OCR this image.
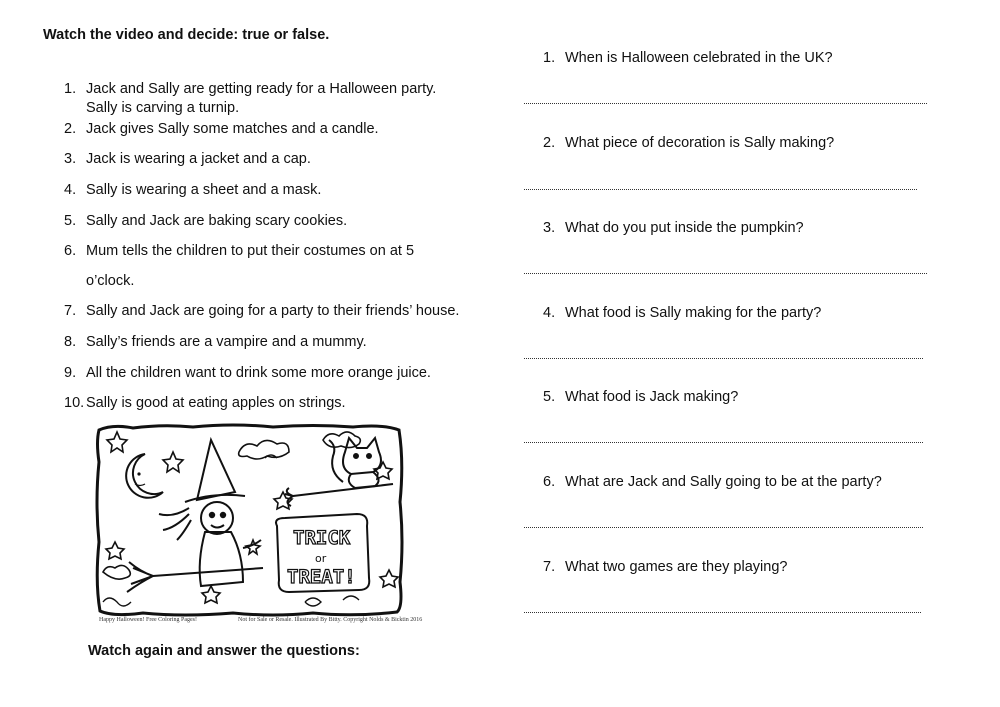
Watch the video and decide: true or false.
1. Jack and Sally are getting ready for a Halloween party.
Sally is carving a turnip.
2. Jack gives Sally some matches and a candle.
3. Jack is wearing a jacket and a cap.
4. Sally is wearing a sheet and a mask.
5. Sally and Jack are baking scary cookies.
6. Mum tells the children to put their costumes on at 5
o’clock.
7. Sally and Jack are going for a party to their friends’ house.
8. Sally’s friends are a vampire and a mummy.
9. All the children want to drink some more orange juice.
10. Sally is good at eating apples on strings.
TRICK
or
TREAT!
Happy Halloween! Free Coloring Pages!	Not for Sale or Resale. Illustrated By Bitty. Copyright Nolds & Bicktin 2016
Watch again and answer the questions:
1. When is Halloween celebrated in the UK?
2. What piece of decoration is Sally making?
3. What do you put inside the pumpkin?
4. What food is Sally making for the party?
5. What food is Jack making?
6. What are Jack and Sally going to be at the party?
7. What two games are they playing?
